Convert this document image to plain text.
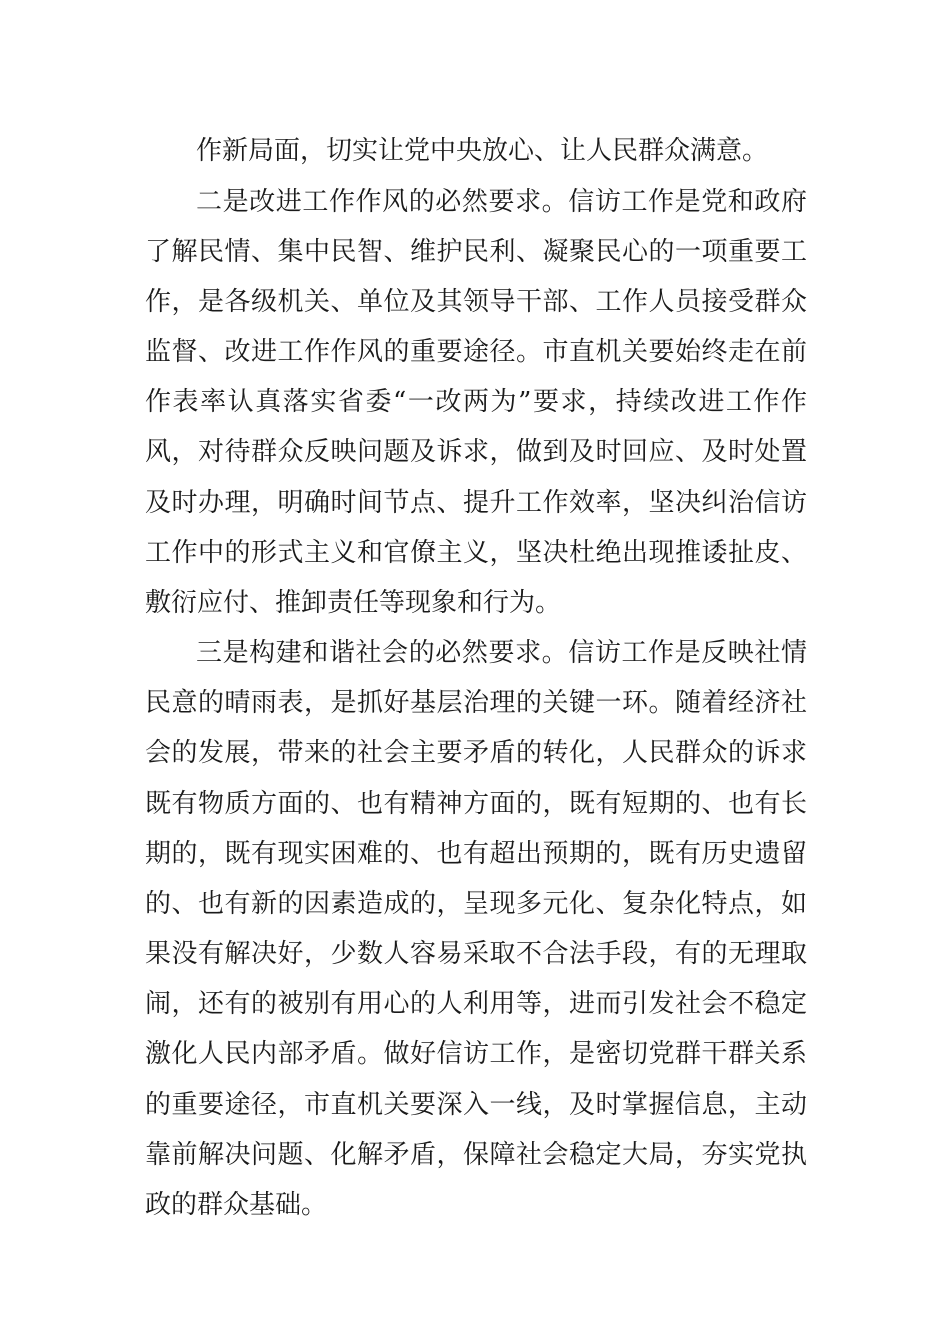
作新局面，切实让党中央放心、让人民群众满意。
二是改进工作作风的必然要求。信访工作是党和政府
了解民情、集中民智、维护民利、凝聚民心的一项重要工
作，是各级机关、单位及其领导干部、工作人员接受群众
监督、改进工作作风的重要途径。市直机关要始终走在前
作表率认真落实省委“一改两为”要求，持续改进工作作
风，对待群众反映问题及诉求，做到及时回应、及时处置
及时办理，明确时间节点、提升工作效率，坚决纠治信访
工作中的形式主义和官僚主义，坚决杜绝出现推诿扯皮、
敷衍应付、推卸责任等现象和行为。
三是构建和谐社会的必然要求。信访工作是反映社情
民意的晴雨表，是抓好基层治理的关键一环。随着经济社
会的发展，带来的社会主要矛盾的转化，人民群众的诉求
既有物质方面的、也有精神方面的，既有短期的、也有长
期的，既有现实困难的、也有超出预期的，既有历史遗留
的、也有新的因素造成的，呈现多元化、复杂化特点，如
果没有解决好，少数人容易采取不合法手段，有的无理取
闹，还有的被别有用心的人利用等，进而引发社会不稳定
激化人民内部矛盾。做好信访工作，是密切党群干群关系
的重要途径，市直机关要深入一线，及时掌握信息，主动
靠前解决问题、化解矛盾，保障社会稳定大局，夯实党执
政的群众基础。
